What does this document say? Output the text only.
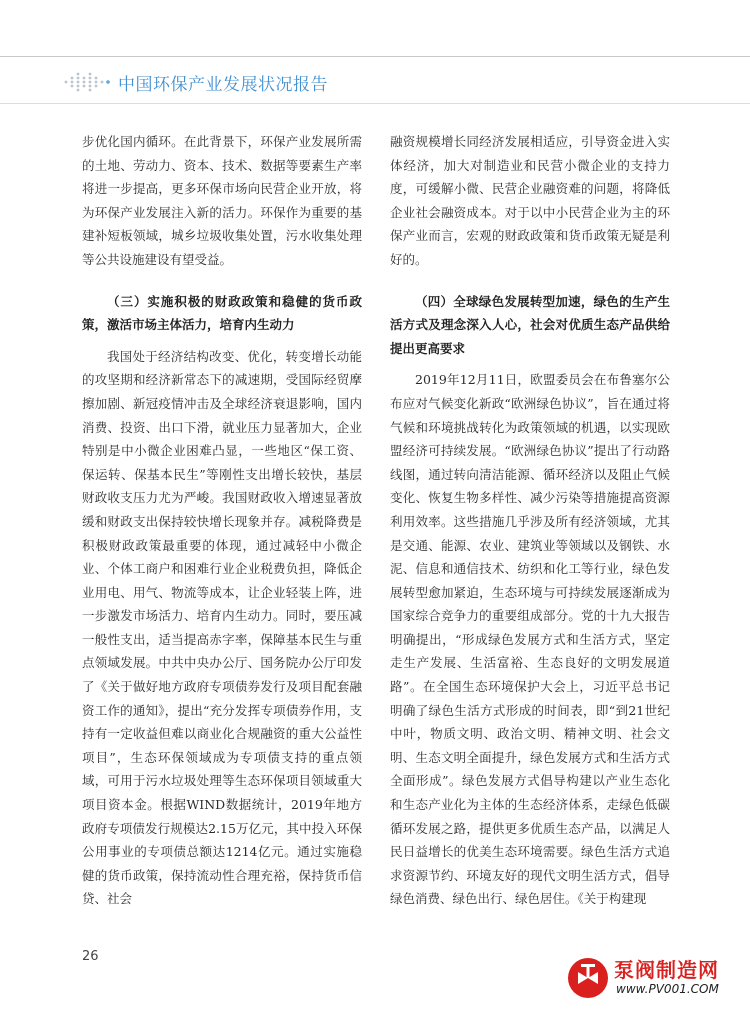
中国环保产业发展状况报告

步优化国内循环。在此背景下，环保产业发展所需的土地、劳动力、资本、技术、数据等要素生产率将进一步提高，更多环保市场向民营企业开放，将为环保产业发展注入新的活力。环保作为重要的基建补短板领域，城乡垃圾收集处置，污水收集处理等公共设施建设有望受益。

（三）实施积极的财政政策和稳健的货币政策，激活市场主体活力，培育内生动力

我国处于经济结构改变、优化，转变增长动能的攻坚期和经济新常态下的减速期，受国际经贸摩擦加剧、新冠疫情冲击及全球经济衰退影响，国内消费、投资、出口下滑，就业压力显著加大，企业特别是中小微企业困难凸显，一些地区“保工资、保运转、保基本民生”等刚性支出增长较快，基层财政收支压力尤为严峻。我国财政收入增速显著放缓和财政支出保持较快增长现象并存。减税降费是积极财政政策最重要的体现，通过减轻中小微企业、个体工商户和困难行业企业税费负担，降低企业用电、用气、物流等成本，让企业轻装上阵，进一步激发市场活力、培育内生动力。同时，要压减一般性支出，适当提高赤字率，保障基本民生与重点领域发展。中共中央办公厅、国务院办公厅印发了《关于做好地方政府专项债券发行及项目配套融资工作的通知》，提出“充分发挥专项债券作用，支持有一定收益但难以商业化合规融资的重大公益性项目”，生态环保领域成为专项债支持的重点领域，可用于污水垃圾处理等生态环保项目领域重大项目资本金。根据WIND数据统计，2019年地方政府专项债发行规模达2.15万亿元，其中投入环保公用事业的专项债总额达1214亿元。通过实施稳健的货币政策，保持流动性合理充裕，保持货币信贷、社会

融资规模增长同经济发展相适应，引导资金进入实体经济，加大对制造业和民营小微企业的支持力度，可缓解小微、民营企业融资难的问题，将降低企业社会融资成本。对于以中小民营企业为主的环保产业而言，宏观的财政政策和货币政策无疑是利好的。

（四）全球绿色发展转型加速，绿色的生产生活方式及理念深入人心，社会对优质生态产品供给提出更高要求

2019年12月11日，欧盟委员会在布鲁塞尔公布应对气候变化新政“欧洲绿色协议”，旨在通过将气候和环境挑战转化为政策领域的机遇，以实现欧盟经济可持续发展。“欧洲绿色协议”提出了行动路线图，通过转向清洁能源、循环经济以及阻止气候变化、恢复生物多样性、减少污染等措施提高资源利用效率。这些措施几乎涉及所有经济领域，尤其是交通、能源、农业、建筑业等领域以及钢铁、水泥、信息和通信技术、纺织和化工等行业，绿色发展转型愈加紧迫，生态环境与可持续发展逐渐成为国家综合竞争力的重要组成部分。党的十九大报告明确提出，“形成绿色发展方式和生活方式，坚定走生产发展、生活富裕、生态良好的文明发展道路”。在全国生态环境保护大会上，习近平总书记明确了绿色生活方式形成的时间表，即“到21世纪中叶，物质文明、政治文明、精神文明、社会文明、生态文明全面提升，绿色发展方式和生活方式全面形成”。绿色发展方式倡导构建以产业生态化和生态产业化为主体的生态经济体系，走绿色低碳循环发展之路，提供更多优质生态产品，以满足人民日益增长的优美生态环境需要。绿色生活方式追求资源节约、环境友好的现代文明生活方式，倡导绿色消费、绿色出行、绿色居住。《关于构建现

26
泵阀制造网
www.PV001.COM
